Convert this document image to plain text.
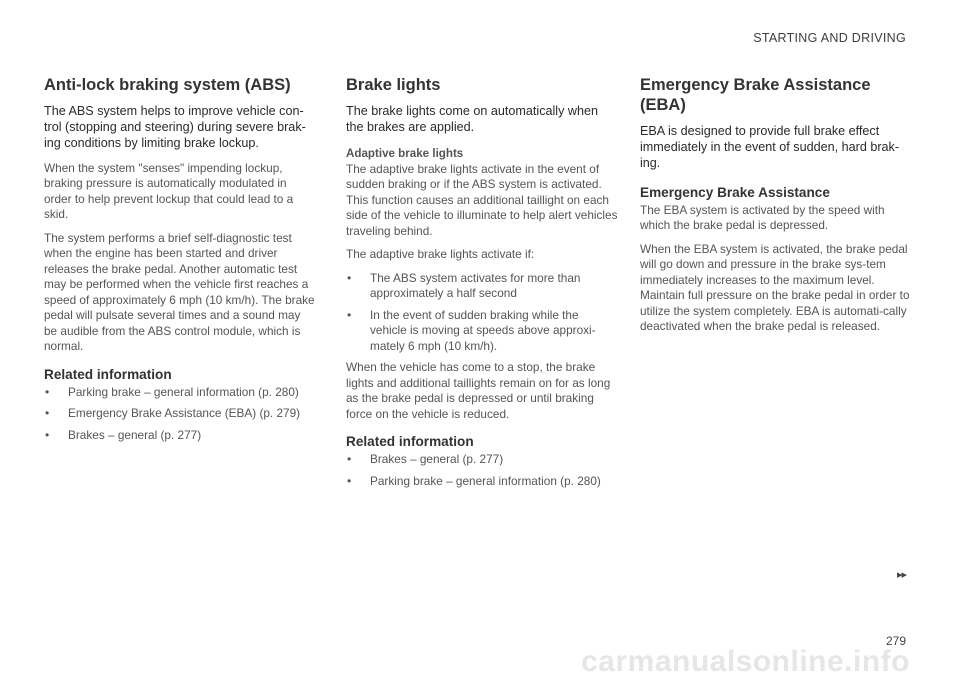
STARTING AND DRIVING
Anti-lock braking system (ABS)

The ABS system helps to improve vehicle con-trol (stopping and steering) during severe brak-ing conditions by limiting brake lockup.

When the system "senses" impending lockup, braking pressure is automatically modulated in order to help prevent lockup that could lead to a skid.

The system performs a brief self-diagnostic test when the engine has been started and driver releases the brake pedal. Another automatic test may be performed when the vehicle first reaches a speed of approximately 6 mph (10 km/h). The brake pedal will pulsate several times and a sound may be audible from the ABS control module, which is normal.

Related information
• Parking brake – general information (p. 280)
• Emergency Brake Assistance (EBA) (p. 279)
• Brakes – general (p. 277)
Brake lights

The brake lights come on automatically when the brakes are applied.

Adaptive brake lights

The adaptive brake lights activate in the event of sudden braking or if the ABS system is activated. This function causes an additional taillight on each side of the vehicle to illuminate to help alert vehicles traveling behind.

The adaptive brake lights activate if:

• The ABS system activates for more than approximately a half second
• In the event of sudden braking while the vehicle is moving at speeds above approxi-mately 6 mph (10 km/h).

When the vehicle has come to a stop, the brake lights and additional taillights remain on for as long as the brake pedal is depressed or until braking force on the vehicle is reduced.

Related information
• Brakes – general (p. 277)
• Parking brake – general information (p. 280)
Emergency Brake Assistance (EBA)

EBA is designed to provide full brake effect immediately in the event of sudden, hard brak-ing.

Emergency Brake Assistance

The EBA system is activated by the speed with which the brake pedal is depressed.

When the EBA system is activated, the brake pedal will go down and pressure in the brake sys-tem immediately increases to the maximum level. Maintain full pressure on the brake pedal in order to utilize the system completely. EBA is automati-cally deactivated when the brake pedal is released.

▸▸
279
carmanualsonline.info
